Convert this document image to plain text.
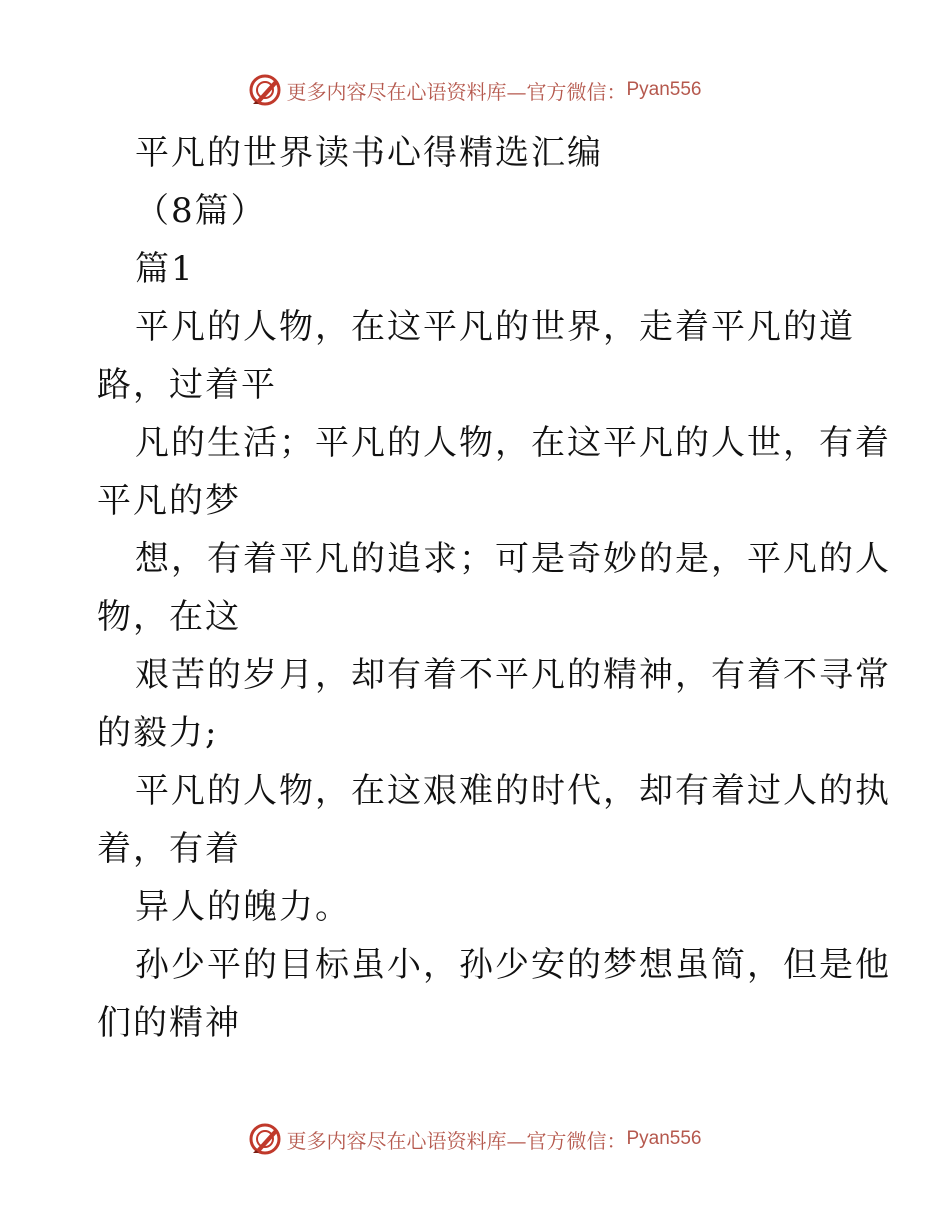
更多内容尽在心语资料库—官方微信： Pyan556
平凡的世界读书心得精选汇编
（8篇）
篇1
平凡的人物，在这平凡的世界，走着平凡的道
路，过着平
凡的生活；平凡的人物，在这平凡的人世，有着
平凡的梦
想，有着平凡的追求；可是奇妙的是，平凡的人
物，在这
艰苦的岁月，却有着不平凡的精神，有着不寻常
的毅力;
平凡的人物，在这艰难的时代，却有着过人的执
着，有着
异人的魄力。
孙少平的目标虽小，孙少安的梦想虽简，但是他
们的精神
更多内容尽在心语资料库—官方微信： Pyan556
